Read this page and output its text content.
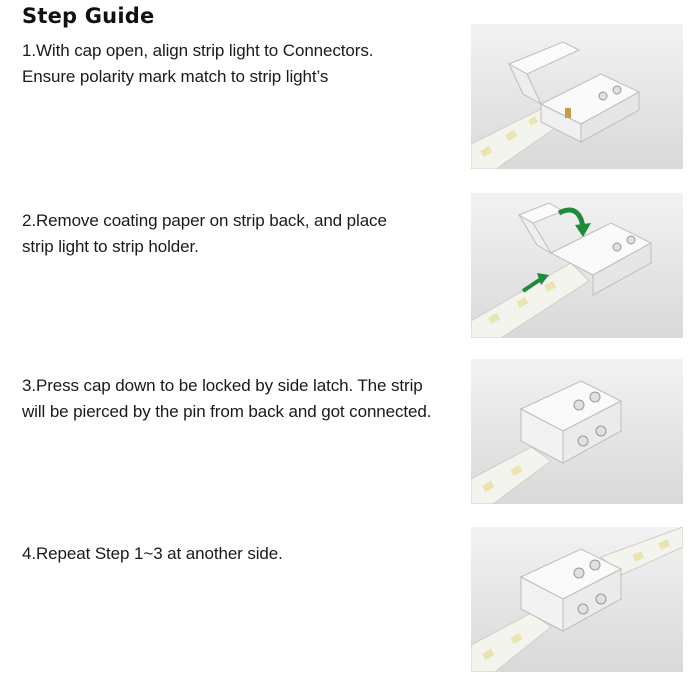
Step Guide
1.With cap open, align strip light to Connectors.
Ensure polarity mark match to strip light’s
2.Remove coating paper on strip back, and place
strip light to strip holder.
3.Press cap down to be locked by side latch. The strip
will be pierced by the pin from back and got connected.
4.Repeat Step 1~3 at another side.
